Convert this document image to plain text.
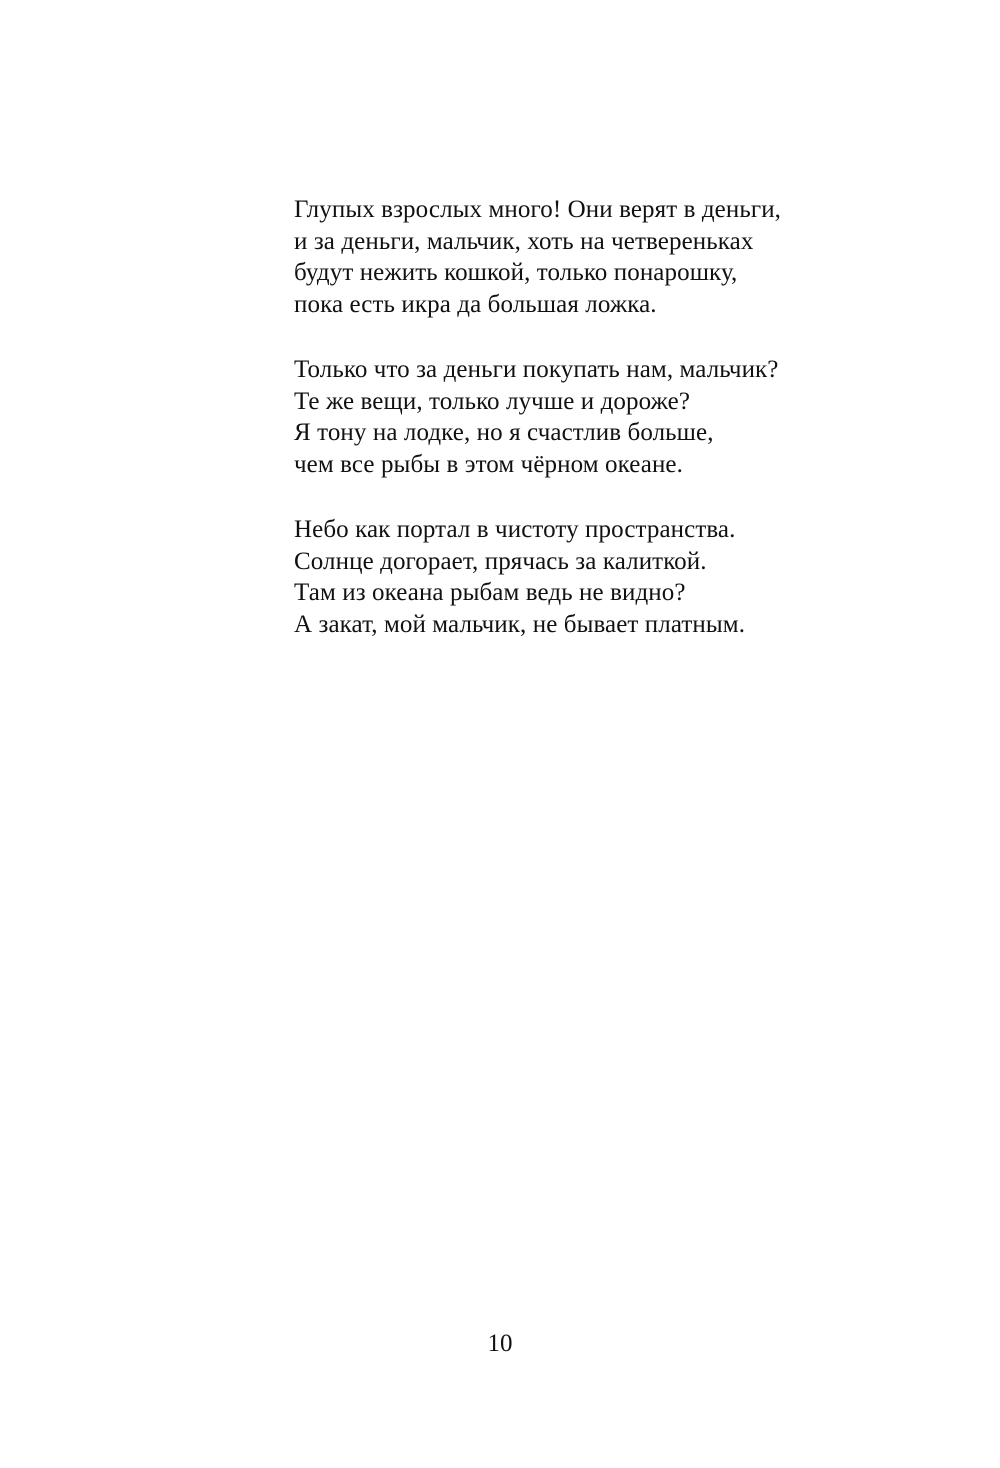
Глупых взрослых много! Они верят в деньги,
и за деньги, мальчик, хоть на четвереньках
будут нежить кошкой, только понарошку,
пока есть икра да большая ложка.
Только что за деньги покупать нам, мальчик?
Те же вещи, только лучше и дороже?
Я тону на лодке, но я счастлив больше,
чем все рыбы в этом чёрном океане.
Небо как портал в чистоту пространства.
Солнце догорает, прячась за калиткой.
Там из океана рыбам ведь не видно?
А закат, мой мальчик, не бывает платным.
10
